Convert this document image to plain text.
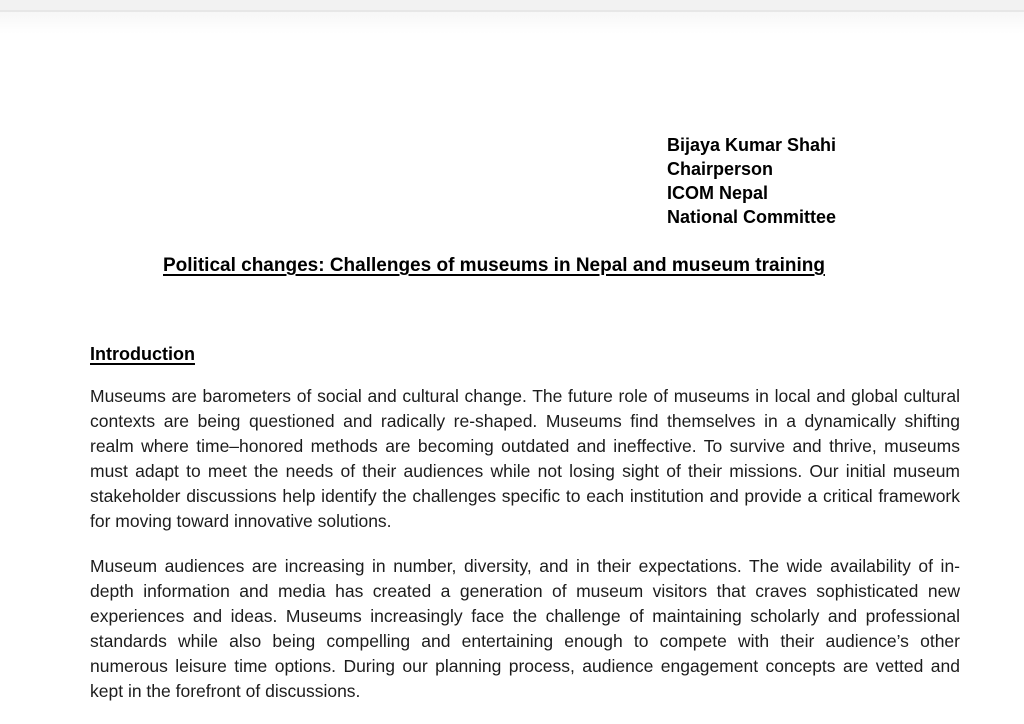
Bijaya Kumar Shahi
Chairperson
ICOM Nepal
National Committee
Political changes: Challenges of museums in Nepal and museum training
Introduction

Museums are barometers of social and cultural change. The future role of museums in local and global cultural contexts are being questioned and radically re-shaped. Museums find themselves in a dynamically shifting realm where time–honored methods are becoming outdated and ineffective. To survive and thrive, museums must adapt to meet the needs of their audiences while not losing sight of their missions. Our initial museum stakeholder discussions help identify the challenges specific to each institution and provide a critical framework for moving toward innovative solutions.

Museum audiences are increasing in number, diversity, and in their expectations. The wide availability of in-depth information and media has created a generation of museum visitors that craves sophisticated new experiences and ideas. Museums increasingly face the challenge of maintaining scholarly and professional standards while also being compelling and entertaining enough to compete with their audience’s other numerous leisure time options. During our planning process, audience engagement concepts are vetted and kept in the forefront of discussions.
